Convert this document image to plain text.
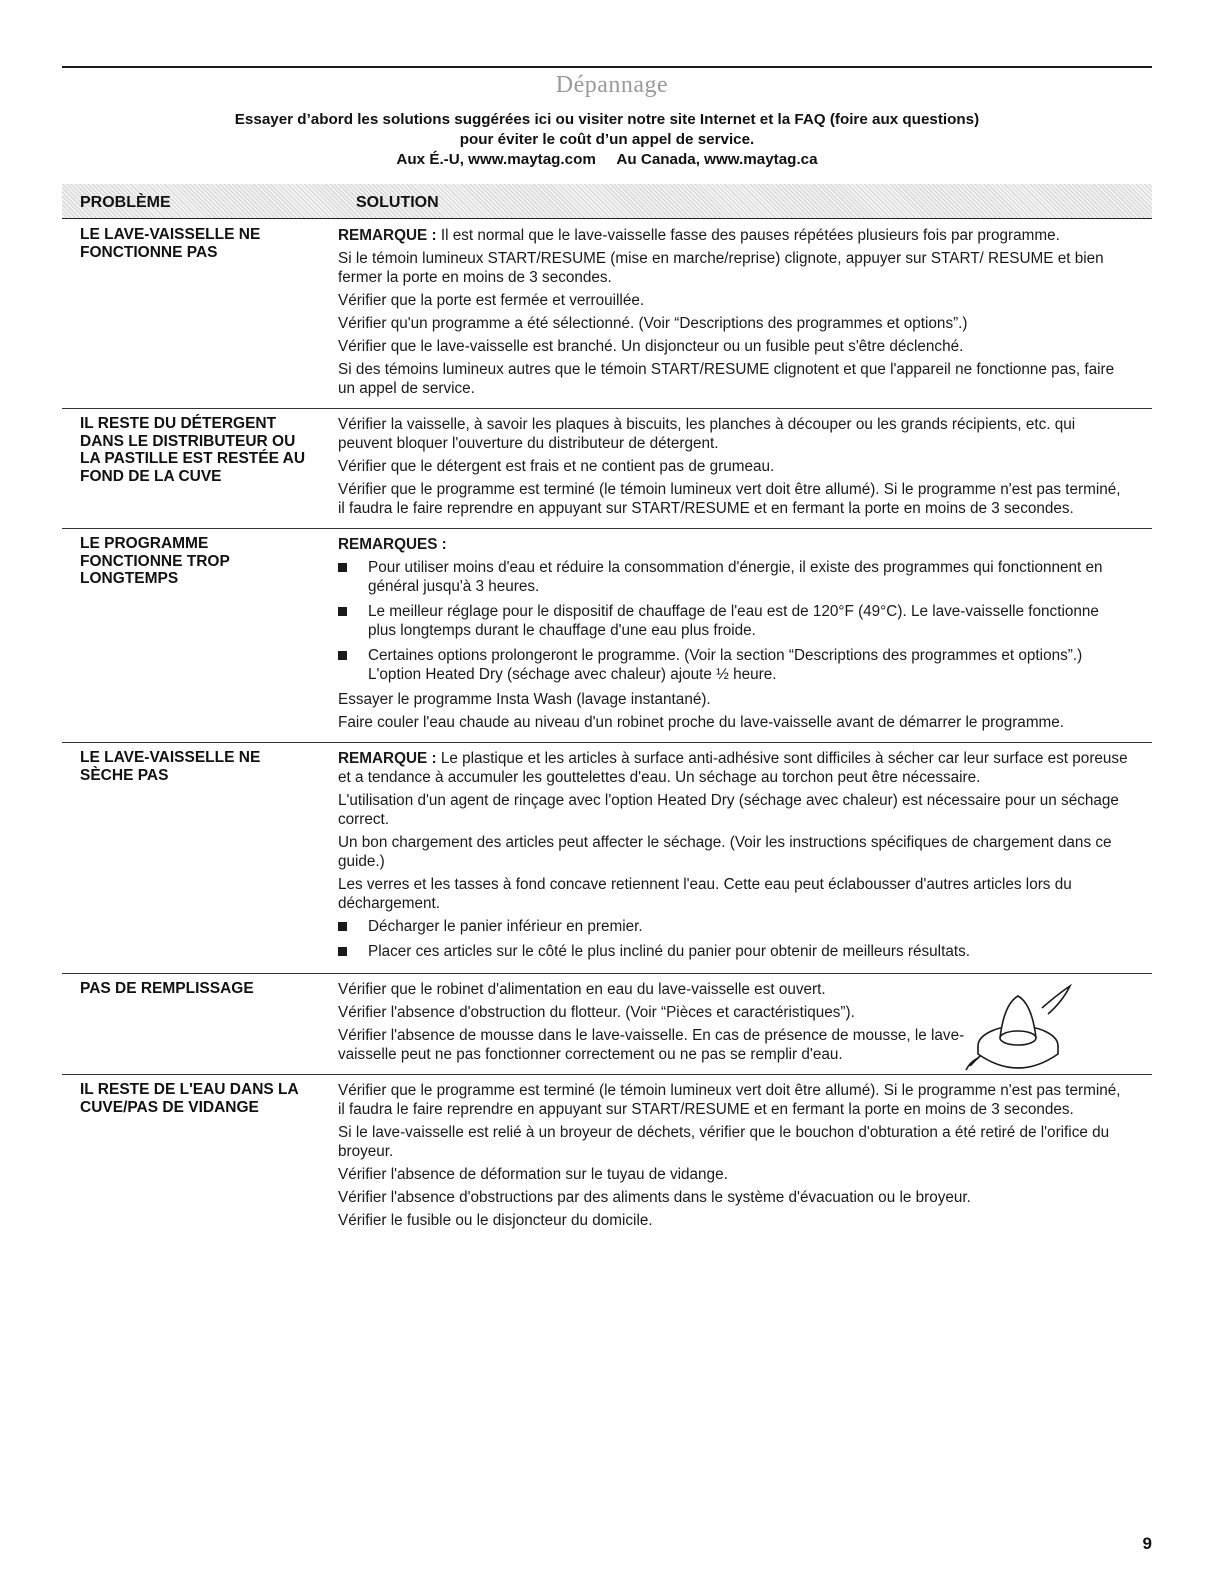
Dépannage
Essayer d’abord les solutions suggérées ici ou visiter notre site Internet et la FAQ (foire aux questions)
pour éviter le coût d’un appel de service.
Aux É.-U, www.maytag.com     Au Canada, www.maytag.ca
PROBLÈME	SOLUTION
LE LAVE-VAISSELLE NE
FONCTIONNE PAS

REMARQUE : Il est normal que le lave-vaisselle fasse des pauses répétées plusieurs fois par programme.

Si le témoin lumineux START/RESUME (mise en marche/reprise) clignote, appuyer sur START/ RESUME et bien fermer la porte en moins de 3 secondes.

Vérifier que la porte est fermée et verrouillée.

Vérifier qu'un programme a été sélectionné. (Voir “Descriptions des programmes et options”.)

Vérifier que le lave-vaisselle est branché. Un disjoncteur ou un fusible peut s'être déclenché.

Si des témoins lumineux autres que le témoin START/RESUME clignotent et que l'appareil ne fonctionne pas, faire un appel de service.

IL RESTE DU DÉTERGENT
DANS LE DISTRIBUTEUR OU
LA PASTILLE EST RESTÉE AU
FOND DE LA CUVE

Vérifier la vaisselle, à savoir les plaques à biscuits, les planches à découper ou les grands récipients, etc. qui peuvent bloquer l'ouverture du distributeur de détergent.

Vérifier que le détergent est frais et ne contient pas de grumeau.

Vérifier que le programme est terminé (le témoin lumineux vert doit être allumé). Si le programme n'est pas terminé, il faudra le faire reprendre en appuyant sur START/RESUME et en fermant la porte en moins de 3 secondes.

LE PROGRAMME
FONCTIONNE TROP
LONGTEMPS

REMARQUES :

Pour utiliser moins d'eau et réduire la consommation d'énergie, il existe des programmes qui fonctionnent en général jusqu'à 3 heures.
Le meilleur réglage pour le dispositif de chauffage de l'eau est de 120°F (49°C). Le lave-vaisselle fonctionne plus longtemps durant le chauffage d'une eau plus froide.
Certaines options prolongeront le programme. (Voir la section “Descriptions des programmes et options”.) L'option Heated Dry (séchage avec chaleur) ajoute ½ heure.

Essayer le programme Insta Wash (lavage instantané).

Faire couler l'eau chaude au niveau d'un robinet proche du lave-vaisselle avant de démarrer le programme.

LE LAVE-VAISSELLE NE
SÈCHE PAS

REMARQUE : Le plastique et les articles à surface anti-adhésive sont difficiles à sécher car leur surface est poreuse et a tendance à accumuler les gouttelettes d'eau. Un séchage au torchon peut être nécessaire.

L'utilisation d'un agent de rinçage avec l'option Heated Dry (séchage avec chaleur) est nécessaire pour un séchage correct.

Un bon chargement des articles peut affecter le séchage. (Voir les instructions spécifiques de chargement dans ce guide.)

Les verres et les tasses à fond concave retiennent l'eau. Cette eau peut éclabousser d'autres articles lors du déchargement.

Décharger le panier inférieur en premier.
Placer ces articles sur le côté le plus incliné du panier pour obtenir de meilleurs résultats.
PAS DE REMPLISSAGE	Vérifier que le robinet d'alimentation en eau du lave-vaisselle est ouvert.

Vérifier l'absence d'obstruction du flotteur. (Voir “Pièces et caractéristiques”).

Vérifier l'absence de mousse dans le lave-vaisselle. En cas de présence de mousse, le lave-vaisselle peut ne pas fonctionner correctement ou ne pas se remplir d'eau.

IL RESTE DE L'EAU DANS LA
CUVE/PAS DE VIDANGE

Vérifier que le programme est terminé (le témoin lumineux vert doit être allumé). Si le programme n'est pas terminé, il faudra le faire reprendre en appuyant sur START/RESUME et en fermant la porte en moins de 3 secondes.

Si le lave-vaisselle est relié à un broyeur de déchets, vérifier que le bouchon d'obturation a été retiré de l'orifice du broyeur.

Vérifier l'absence de déformation sur le tuyau de vidange.

Vérifier l'absence d'obstructions par des aliments dans le système d'évacuation ou le broyeur.

Vérifier le fusible ou le disjoncteur du domicile.

9
